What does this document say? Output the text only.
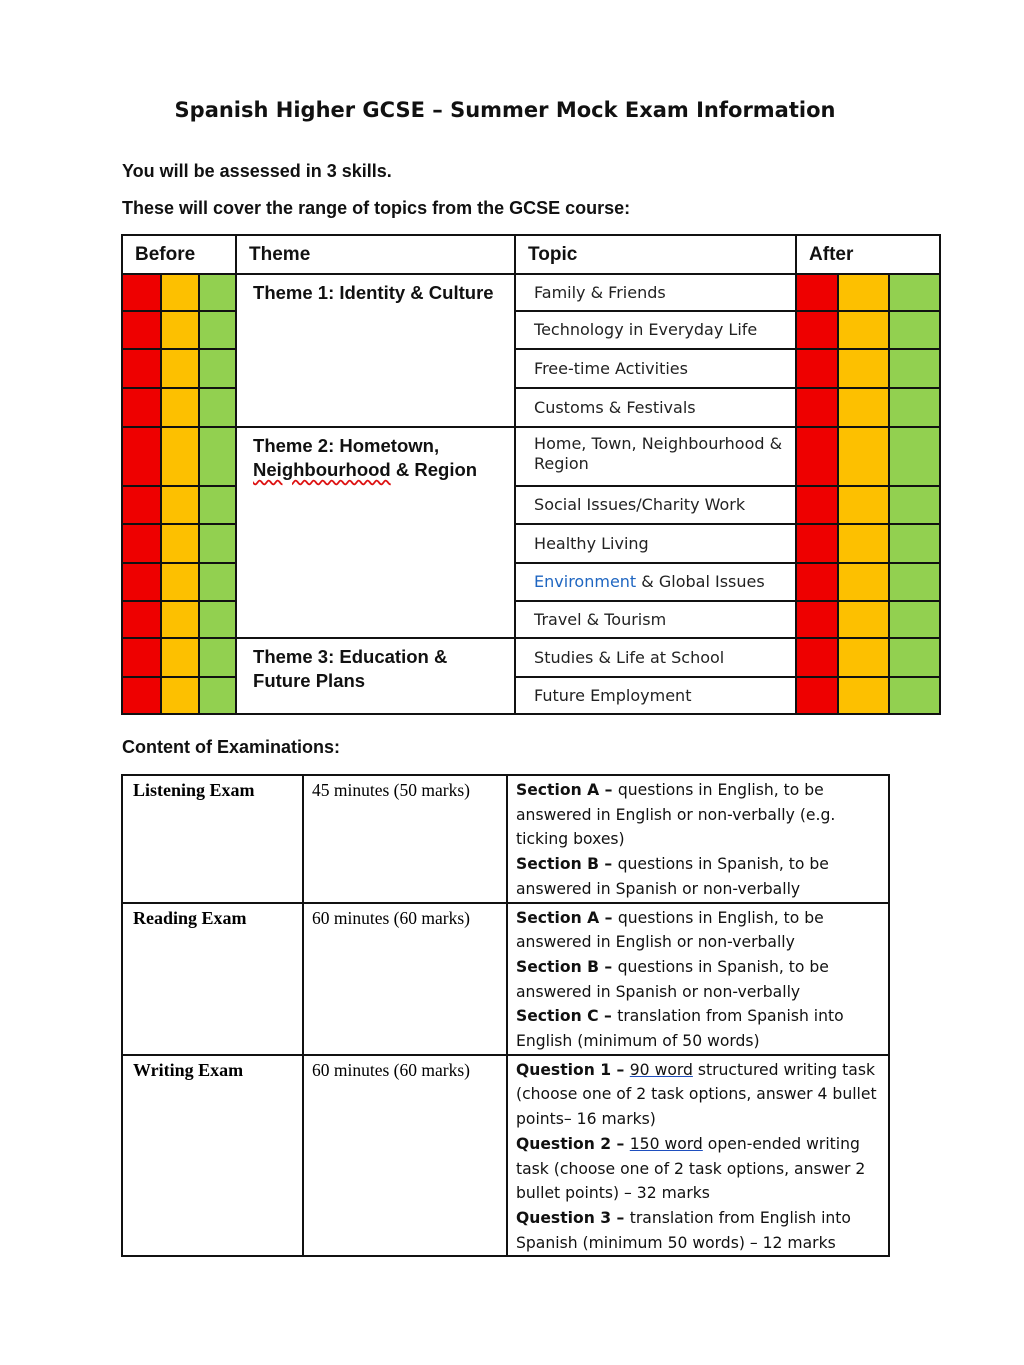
Spanish Higher GCSE – Summer Mock Exam Information
You will be assessed in 3 skills.
These will cover the range of topics from the GCSE course:
Before			Theme	Topic	After		
			Theme 1: Identity & Culture	Family & Friends			
				Technology in Everyday Life			
				Free-time Activities			
				Customs & Festivals			
			Theme 2: Hometown, Neighbourhood & Region	Home, Town, Neighbourhood & Region			
				Social Issues/Charity Work			
				Healthy Living			
				Environment & Global Issues			
				Travel & Tourism			
			Theme 3: Education & Future Plans	Studies & Life at School			
				Future Employment			
Content of Examinations:
Listening Exam	45 minutes (50 marks)	Section A – questions in English, to be answered in English or non-verbally (e.g. ticking boxes)
Section B – questions in Spanish, to be answered in Spanish or non-verbally
Reading Exam	60 minutes (60 marks)	Section A – questions in English, to be answered in English or non-verbally
Section B – questions in Spanish, to be answered in Spanish or non-verbally
Section C – translation from Spanish into English (minimum of 50 words)
Writing Exam	60 minutes (60 marks)	Question 1 – 90 word structured writing task (choose one of 2 task options, answer 4 bullet points– 16 marks)
Question 2 – 150 word open-ended writing task (choose one of 2 task options, answer 2 bullet points) – 32 marks
Question 3 – translation from English into Spanish (minimum 50 words) – 12 marks
